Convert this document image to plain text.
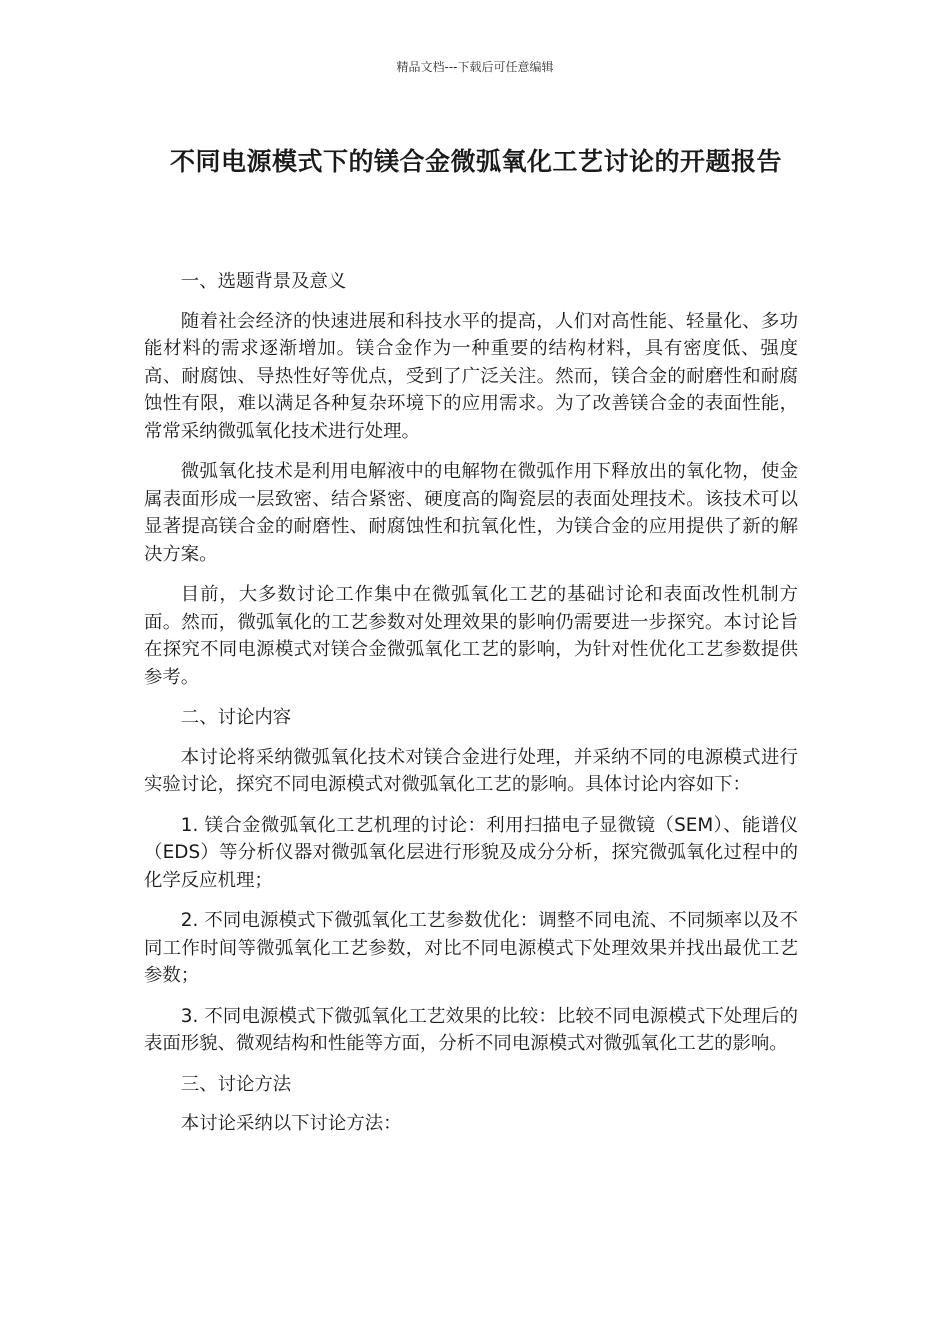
精品文档---下载后可任意编辑
不同电源模式下的镁合金微弧氧化工艺讨论的开题报告

一、选题背景及意义

随着社会经济的快速进展和科技水平的提高，人们对高性能、轻量化、多功能材料的需求逐渐增加。镁合金作为一种重要的结构材料，具有密度低、强度高、耐腐蚀、导热性好等优点，受到了广泛关注。然而，镁合金的耐磨性和耐腐蚀性有限，难以满足各种复杂环境下的应用需求。为了改善镁合金的表面性能，常常采纳微弧氧化技术进行处理。

微弧氧化技术是利用电解液中的电解物在微弧作用下释放出的氧化物，使金属表面形成一层致密、结合紧密、硬度高的陶瓷层的表面处理技术。该技术可以显著提高镁合金的耐磨性、耐腐蚀性和抗氧化性，为镁合金的应用提供了新的解决方案。

目前，大多数讨论工作集中在微弧氧化工艺的基础讨论和表面改性机制方面。然而，微弧氧化的工艺参数对处理效果的影响仍需要进一步探究。本讨论旨在探究不同电源模式对镁合金微弧氧化工艺的影响，为针对性优化工艺参数提供参考。

二、讨论内容

本讨论将采纳微弧氧化技术对镁合金进行处理，并采纳不同的电源模式进行实验讨论，探究不同电源模式对微弧氧化工艺的影响。具体讨论内容如下：

1. 镁合金微弧氧化工艺机理的讨论：利用扫描电子显微镜（SEM）、能谱仪（EDS）等分析仪器对微弧氧化层进行形貌及成分分析，探究微弧氧化过程中的化学反应机理；

2. 不同电源模式下微弧氧化工艺参数优化：调整不同电流、不同频率以及不同工作时间等微弧氧化工艺参数，对比不同电源模式下处理效果并找出最优工艺参数；

3. 不同电源模式下微弧氧化工艺效果的比较：比较不同电源模式下处理后的表面形貌、微观结构和性能等方面，分析不同电源模式对微弧氧化工艺的影响。

三、讨论方法

本讨论采纳以下讨论方法：
